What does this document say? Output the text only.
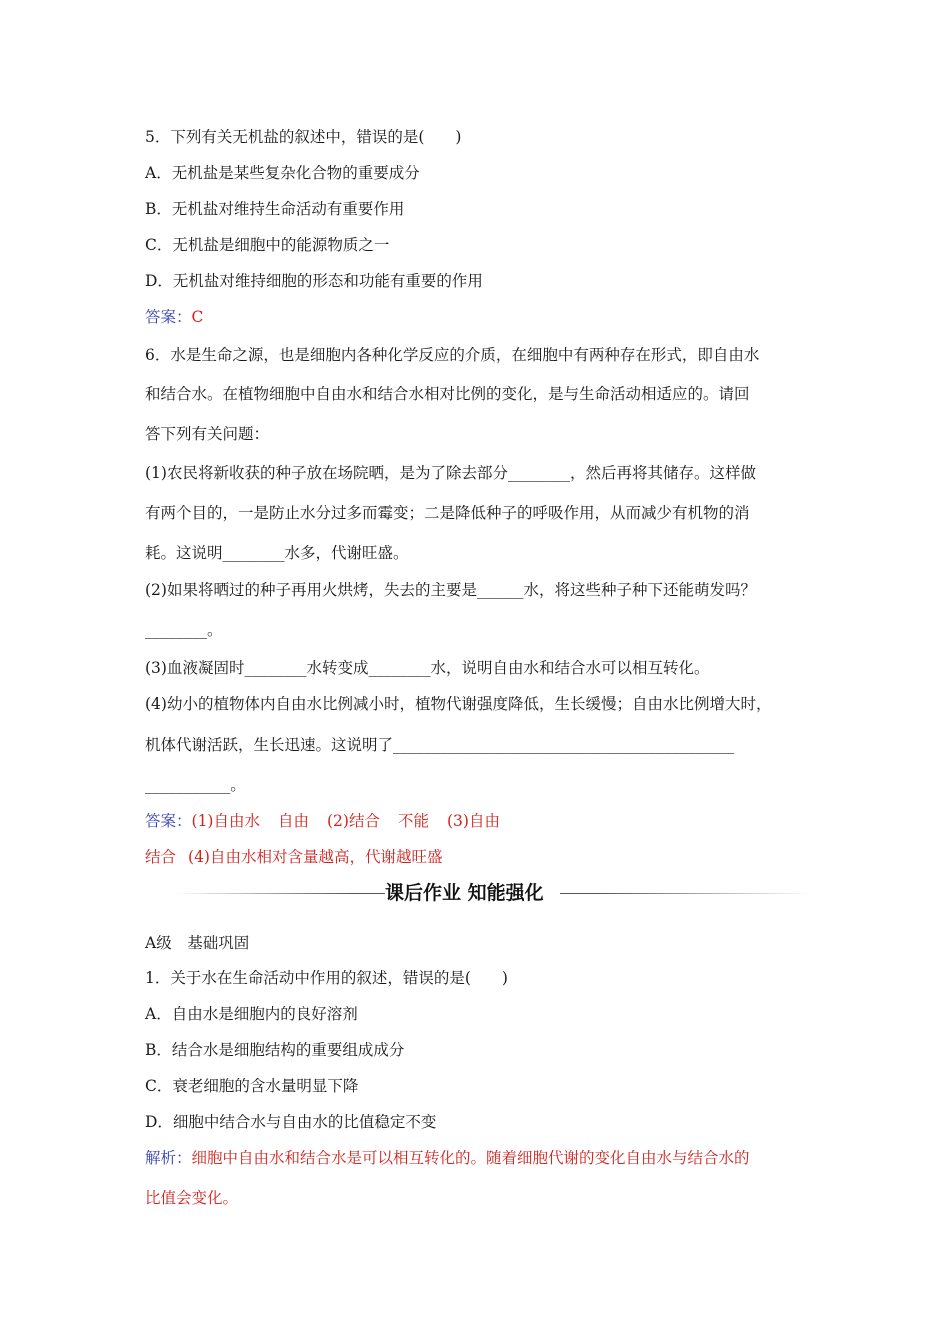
5．下列有关无机盐的叙述中，错误的是(　　)
A．无机盐是某些复杂化合物的重要成分
B．无机盐对维持生命活动有重要作用
C．无机盐是细胞中的能源物质之一
D．无机盐对维持细胞的形态和功能有重要的作用
答案：C
6．水是生命之源，也是细胞内各种化学反应的介质，在细胞中有两种存在形式，即自由水
和结合水。在植物细胞中自由水和结合水相对比例的变化，是与生命活动相适应的。请回
答下列有关问题：
(1)农民将新收获的种子放在场院晒，是为了除去部分________，然后再将其储存。这样做
有两个目的，一是防止水分过多而霉变；二是降低种子的呼吸作用，从而减少有机物的消
耗。这说明________水多，代谢旺盛。
(2)如果将晒过的种子再用火烘烤，失去的主要是______水，将这些种子种下还能萌发吗？
________。
(3)血液凝固时________水转变成________水，说明自由水和结合水可以相互转化。
(4)幼小的植物体内自由水比例减小时，植物代谢强度降低，生长缓慢；自由水比例增大时，
机体代谢活跃，生长迅速。这说明了____________________________________________
___________。
答案：(1)自由水 自由 (2)结合 不能 (3)自由
结合 (4)自由水相对含量越高，代谢越旺盛
课后作业 知能强化
A级　基础巩固
1．关于水在生命活动中作用的叙述，错误的是(　　)
A．自由水是细胞内的良好溶剂
B．结合水是细胞结构的重要组成成分
C．衰老细胞的含水量明显下降
D．细胞中结合水与自由水的比值稳定不变
解析：细胞中自由水和结合水是可以相互转化的。随着细胞代谢的变化自由水与结合水的
比值会变化。
